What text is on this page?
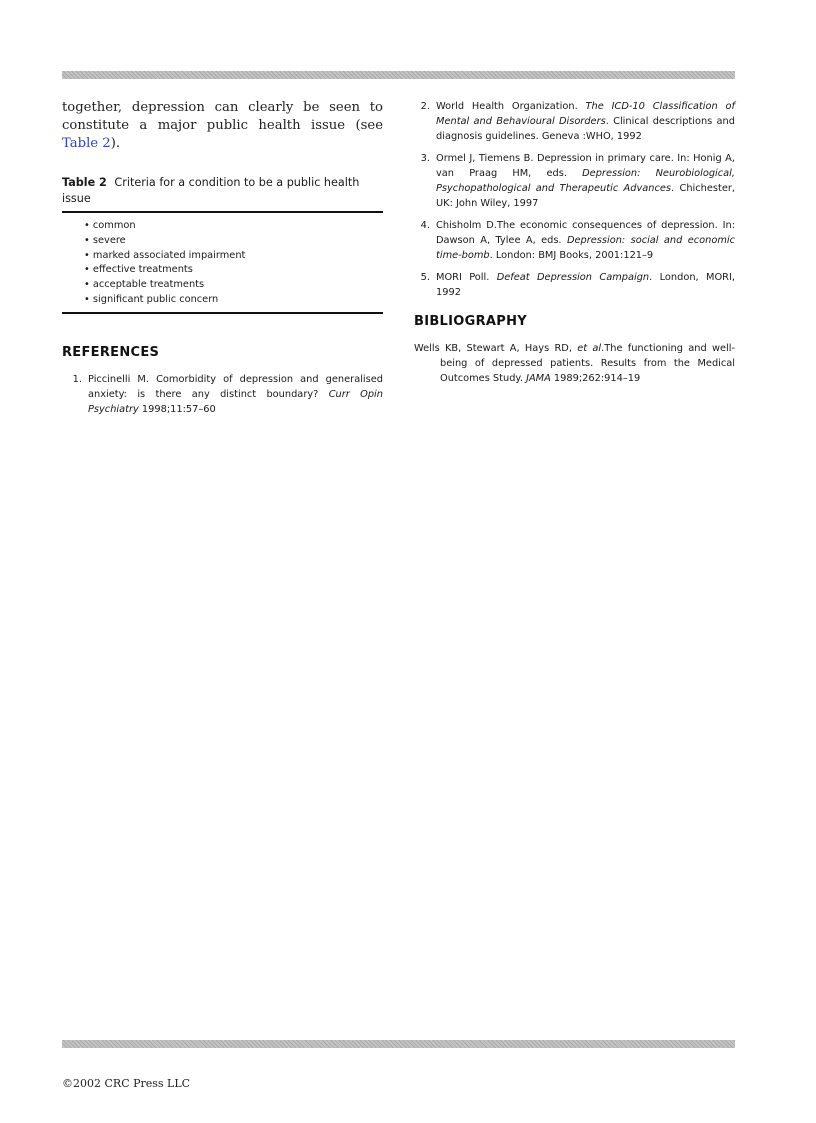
together, depression can clearly be seen to constitute a major public health issue (see Table 2).

Table 2 Criteria for a condition to be a public health issue

• common
• severe
• marked associated impairment
• effective treatments
• acceptable treatments
• significant public concern
REFERENCES
1. Piccinelli M. Comorbidity of depression and generalised anxiety: is there any distinct boundary? Curr Opin Psychiatry 1998;11:57–60
2. World Health Organization. The ICD-10 Classification of Mental and Behavioural Disorders. Clinical descriptions and diagnosis guidelines. Geneva :WHO, 1992
3. Ormel J, Tiemens B. Depression in primary care. In: Honig A, van Praag HM, eds. Depression: Neurobiological, Psychopathological and Therapeutic Advances. Chichester, UK: John Wiley, 1997
4. Chisholm D.The economic consequences of depression. In: Dawson A, Tylee A, eds. Depression: social and economic time-bomb. London: BMJ Books, 2001:121–9
5. MORI Poll. Defeat Depression Campaign. London, MORI, 1992
BIBLIOGRAPHY

Wells KB, Stewart A, Hays RD, et al.The functioning and well-being of depressed patients. Results from the Medical Outcomes Study. JAMA 1989;262:914–19

©2002 CRC Press LLC
